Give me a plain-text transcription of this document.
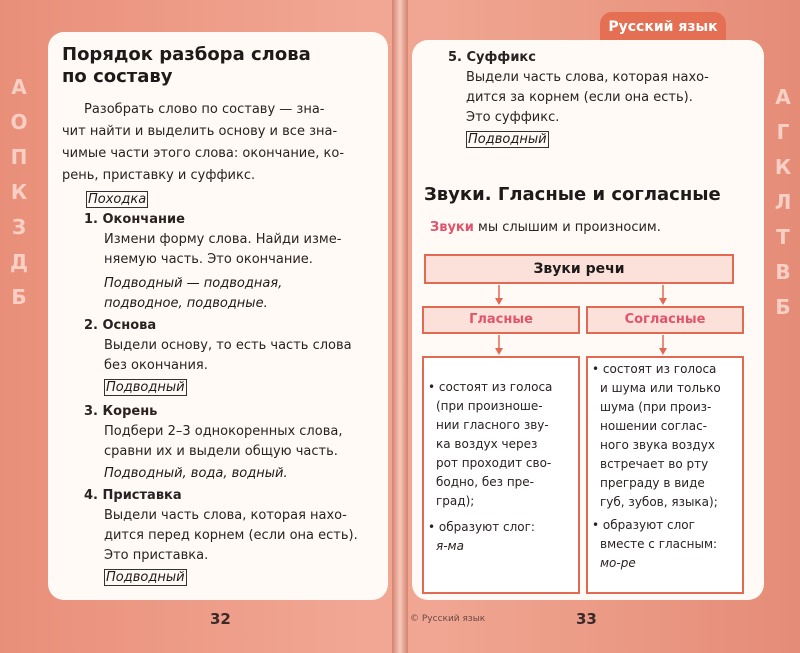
А
О
П
К
З
Д
Б
А
Г
К
Л
Т
В
Б
Русский язык
Порядок разбора слова
по составу
Разобрать слово по составу — зна-
чит найти и выделить основу и все зна-
чимые части этого слова: окончание, ко-
рень, приставку и суффикс.
Походка
1. Окончание
Измени форму слова. Найди изме-
няемую часть. Это окончание.
Подводный — подводная,
подводное, подводные.
2. Основа
Выдели основу, то есть часть слова
без окончания.
Подводный
3. Корень
Подбери 2–3 однокоренных слова,
сравни их и выдели общую часть.
Подводный, вода, водный.
4. Приставка
Выдели часть слова, которая нахо-
дится перед корнем (если она есть).
Это приставка.
Подводный
32
5. Суффикс
Выдели часть слова, которая нахо-
дится за корнем (если она есть).
Это суффикс.
Подводный
Звуки. Гласные и согласные
Звуки мы слышим и произносим.
Звуки речи
Гласные	Согласные
• состоят из голоса
(при произноше-
нии гласного зву-
ка воздух через
рот проходит сво-
бодно, без пре-
град);
• образуют слог:
я-ма
• состоят из голоса
и шума или только
шума (при произ-
ношении соглас-
ного звука воздух
встречает во рту
преграду в виде
губ, зубов, языка);
• образуют слог
вместе с гласным:
мо-ре
© Русский язык	33
